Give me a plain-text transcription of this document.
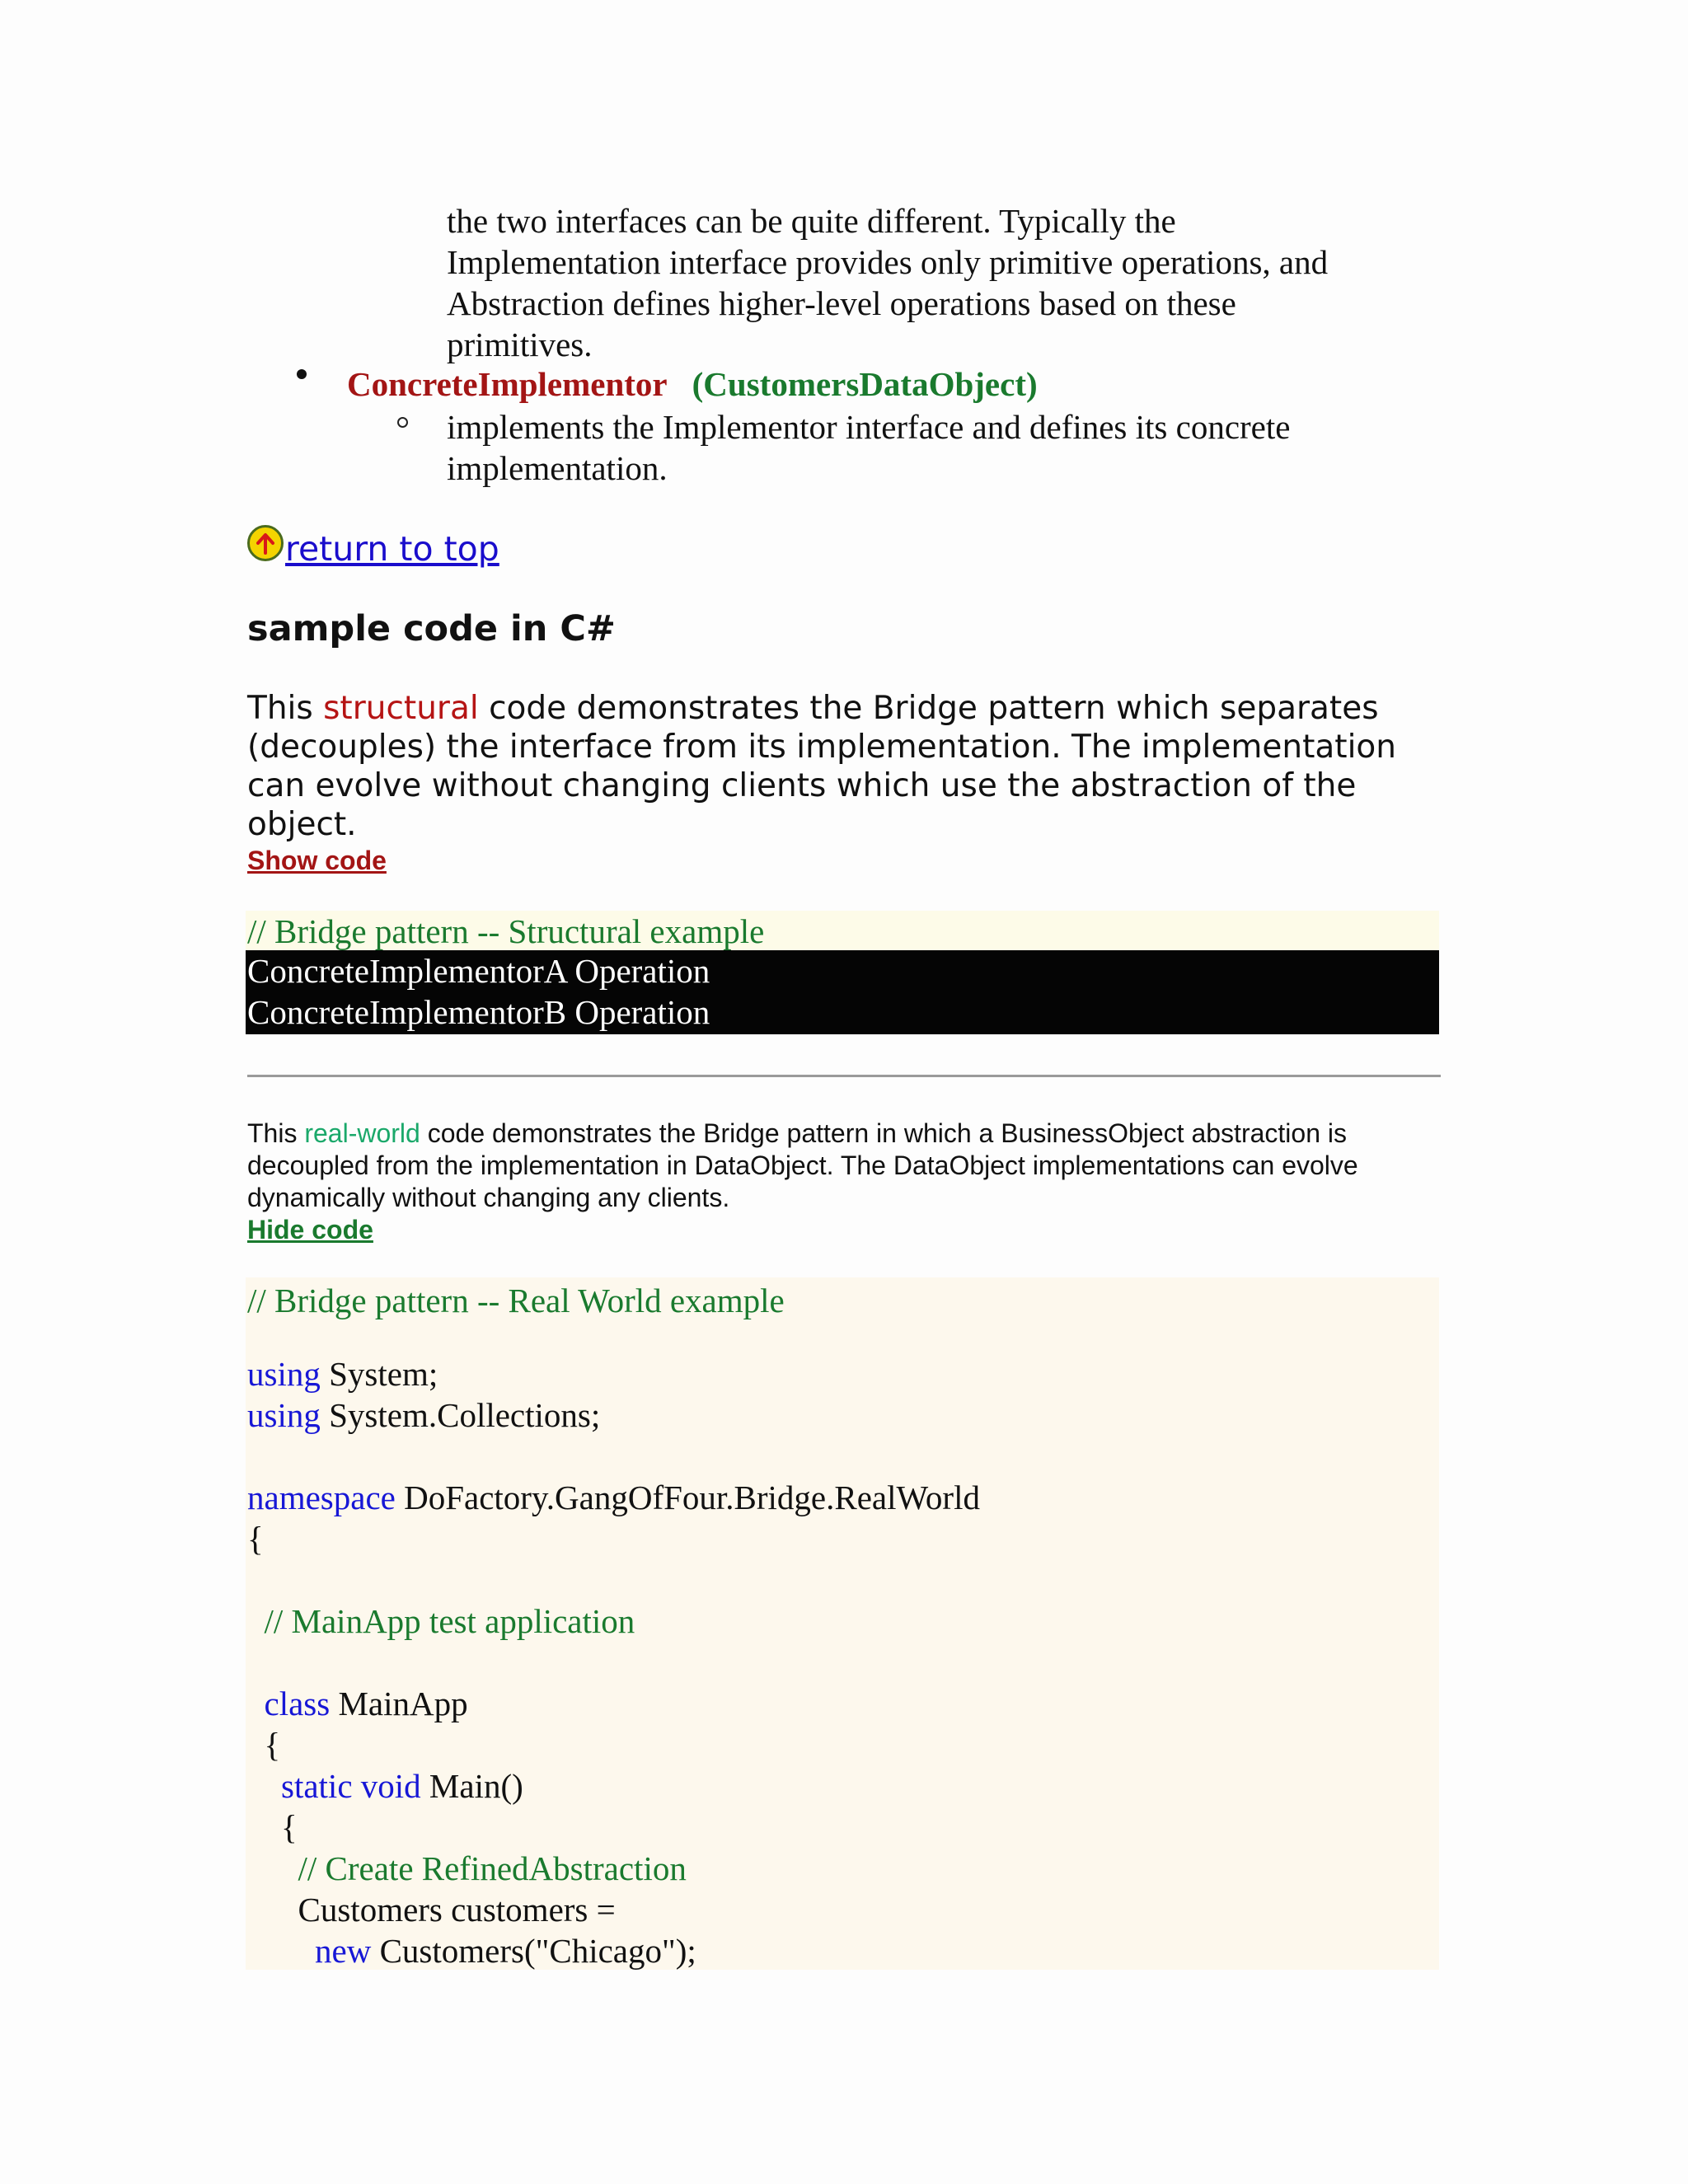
the two interfaces can be quite different. Typically the
Implementation interface provides only primitive operations, and
Abstraction defines higher-level operations based on these
primitives.
ConcreteImplementor (CustomersDataObject)
implements the Implementor interface and defines its concrete
implementation.
return to top
sample code in C#
This structural code demonstrates the Bridge pattern which separates (decouples) the interface from its implementation. The implementation can evolve without changing clients which use the abstraction of the object.
Show code
// Bridge pattern -- Structural example
ConcreteImplementorA Operation
ConcreteImplementorB Operation
This real-world code demonstrates the Bridge pattern in which a BusinessObject abstraction is decoupled from the implementation in DataObject. The DataObject implementations can evolve dynamically without changing any clients.
Hide code
// Bridge pattern -- Real World example
using System;
using System.Collections;
namespace DoFactory.GangOfFour.Bridge.RealWorld
{
// MainApp test application
class MainApp
{
static void Main()
{
// Create RefinedAbstraction
Customers customers =
new Customers("Chicago");
